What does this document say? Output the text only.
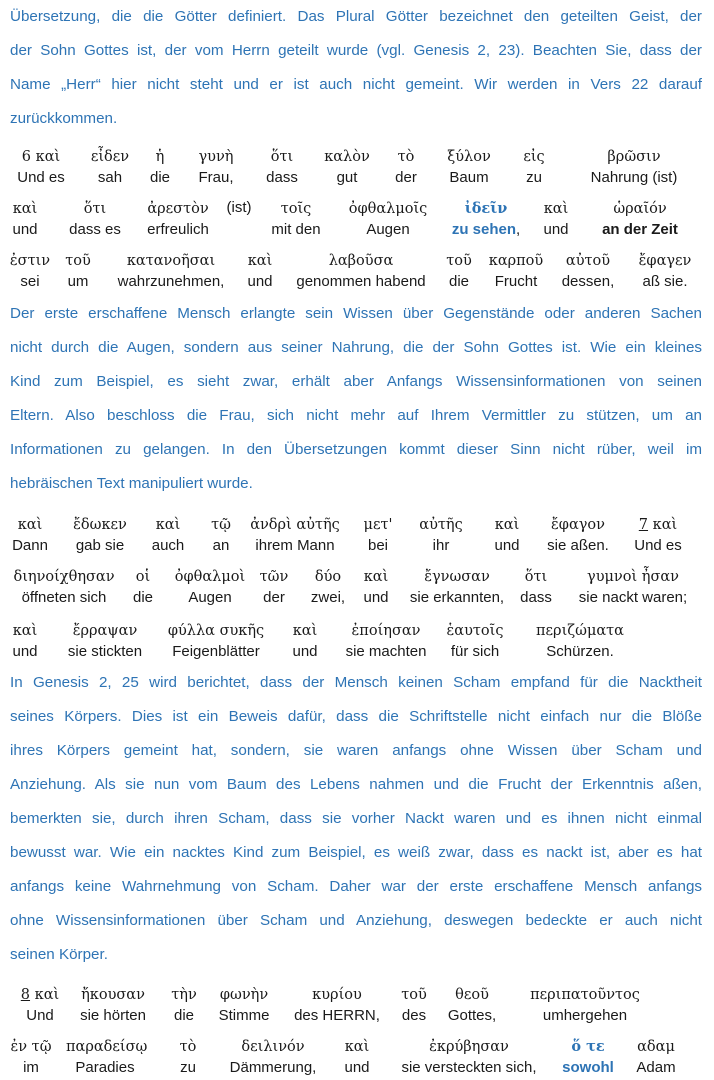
Übersetzung, die die Götter definiert. Das Plural Götter bezeichnet den geteilten Geist, der
der Sohn Gottes ist, der vom Herrn geteilt wurde (vgl. Genesis 2, 23). Beachten Sie, dass der
Name „Herr“ hier nicht steht und er ist auch nicht gemeint. Wir werden in Vers 22 darauf
zurückkommen.
6 καὶ
Und es
εἶδεν
sah
ἡ
die
γυνὴ
Frau,
ὅτι
dass
καλὸν
gut
τὸ
der
ξύλον
Baum
εἰς
zu
βρῶσιν
Nahrung (ist)
καὶ
und
ὅτι
dass es
ἀρεστὸν
erfreulich
(ist)	τοῖς
mit den
ὀφθαλμοῖς
Augen
ἰδεῖν
zu sehen,
καὶ
und
ὡραῖόν
an der Zeit
ἐστιν
sei
τοῦ
um
κατανοῆσαι
wahrzunehmen,
καὶ
und
λαβοῦσα
genommen habend
τοῦ
die
καρποῦ
Frucht
αὐτοῦ
dessen,
ἔφαγεν
aß sie.
Der erste erschaffene Mensch erlangte sein Wissen über Gegenstände oder anderen Sachen
nicht durch die Augen, sondern aus seiner Nahrung, die der Sohn Gottes ist. Wie ein kleines
Kind zum Beispiel, es sieht zwar, erhält aber Anfangs Wissensinformationen von seinen
Eltern. Also beschloss die Frau, sich nicht mehr auf Ihrem Vermittler zu stützen, um an
Informationen zu gelangen. In den Übersetzungen kommt dieser Sinn nicht rüber, weil im
hebräischen Text manipuliert wurde.
καὶ
Dann
ἔδωκεν
gab sie
καὶ
auch
τῷ
an
ἀνδρὶ αὐτῆς
ihrem Mann
μετ'
bei
αὐτῆς
ihr
καὶ
und
ἔφαγον
sie aßen.
7 καὶ
Und es
διηνοίχθησαν
öffneten sich
οἱ
die
ὀφθαλμοὶ
Augen
τῶν
der
δύο
zwei,
καὶ
und
ἔγνωσαν
sie erkannten,
ὅτι
dass
γυμνοὶ ἦσαν
sie nackt waren;
καὶ
und
ἔρραψαν
sie stickten
φύλλα συκῆς
Feigenblätter
καὶ
und
ἐποίησαν
sie machten
ἑαυτοῖς
für sich
περιζώματα
Schürzen.
In Genesis 2, 25 wird berichtet, dass der Mensch keinen Scham empfand für die Nacktheit
seines Körpers. Dies ist ein Beweis dafür, dass die Schriftstelle nicht einfach nur die Blöße
ihres Körpers gemeint hat, sondern, sie waren anfangs ohne Wissen über Scham und
Anziehung. Als sie nun vom Baum des Lebens nahmen und die Frucht der Erkenntnis aßen,
bemerkten sie, durch ihren Scham, dass sie vorher Nackt waren und es ihnen nicht einmal
bewusst war. Wie ein nacktes Kind zum Beispiel, es weiß zwar, dass es nackt ist, aber es hat
anfangs keine Wahrnehmung von Scham. Daher war der erste erschaffene Mensch anfangs
ohne Wissensinformationen über Scham und Anziehung, deswegen bedeckte er auch nicht
seinen Körper.
8 καὶ
Und
ἤκουσαν
sie hörten
τὴν
die
φωνὴν
Stimme
κυρίου
des HERRN,
τοῦ
des
θεοῦ
Gottes,
περιπατοῦντος
umhergehen
ἐν τῷ
im
παραδείσῳ
Paradies
τὸ
zu
δειλινόν
Dämmerung,
καὶ
und
ἐκρύβησαν
sie versteckten sich,
ὅ τε
sowohl
αδαμ
Adam
